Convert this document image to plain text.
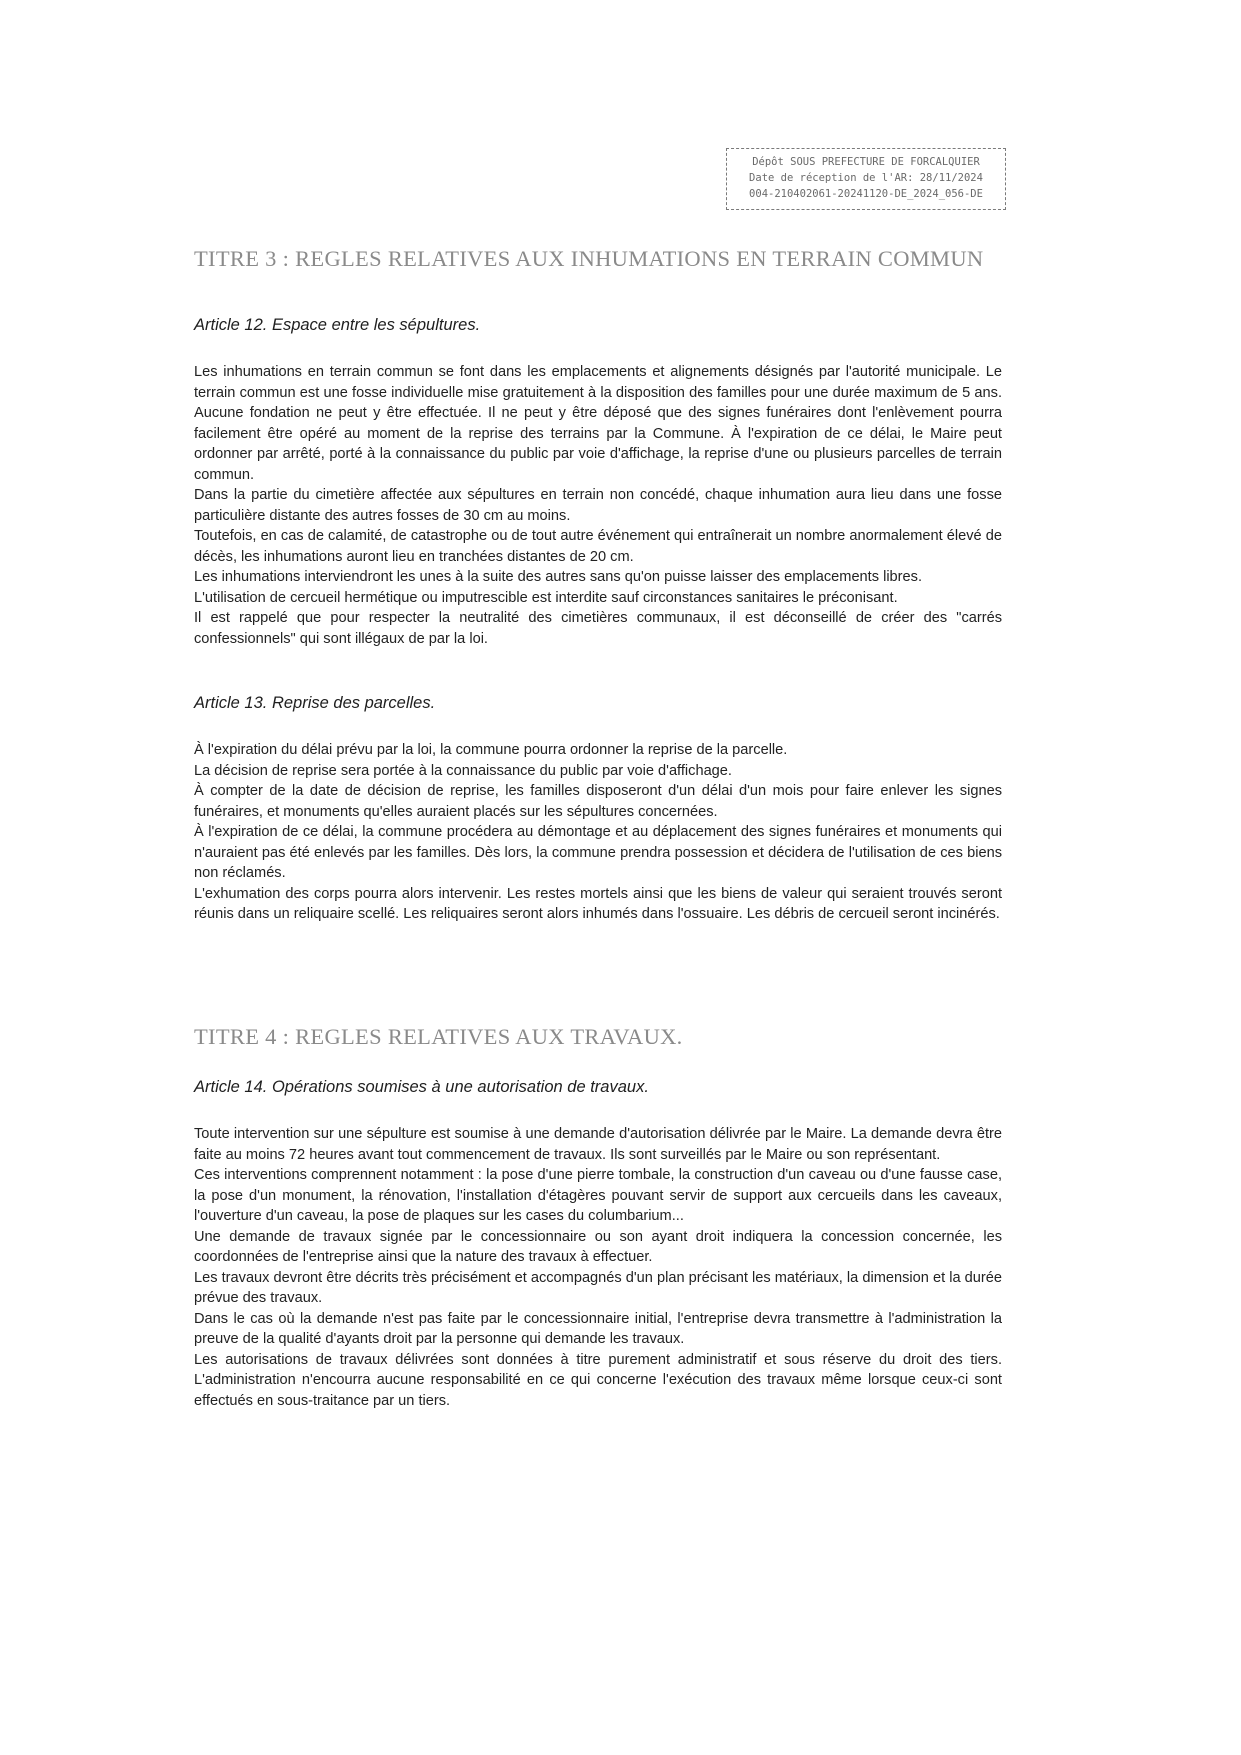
Dépôt SOUS PREFECTURE DE FORCALQUIER
Date de réception de l'AR: 28/11/2024
004-210402061-20241120-DE_2024_056-DE
TITRE 3 : REGLES RELATIVES AUX INHUMATIONS EN TERRAIN COMMUN
Article 12. Espace entre les sépultures.

Les inhumations en terrain commun se font dans les emplacements et alignements désignés par l'autorité municipale. Le terrain commun est une fosse individuelle mise gratuitement à la disposition des familles pour une durée maximum de 5 ans. Aucune fondation ne peut y être effectuée. Il ne peut y être déposé que des signes funéraires dont l'enlèvement pourra facilement être opéré au moment de la reprise des terrains par la Commune. À l'expiration de ce délai, le Maire peut ordonner par arrêté, porté à la connaissance du public par voie d'affichage, la reprise d'une ou plusieurs parcelles de terrain commun.

Dans la partie du cimetière affectée aux sépultures en terrain non concédé, chaque inhumation aura lieu dans une fosse particulière distante des autres fosses de 30 cm au moins.

Toutefois, en cas de calamité, de catastrophe ou de tout autre événement qui entraînerait un nombre anormalement élevé de décès, les inhumations auront lieu en tranchées distantes de 20 cm.

Les inhumations interviendront les unes à la suite des autres sans qu'on puisse laisser des emplacements libres.

L'utilisation de cercueil hermétique ou imputrescible est interdite sauf circonstances sanitaires le préconisant.

Il est rappelé que pour respecter la neutralité des cimetières communaux, il est déconseillé de créer des "carrés confessionnels" qui sont illégaux de par la loi.

Article 13. Reprise des parcelles.

À l'expiration du délai prévu par la loi, la commune pourra ordonner la reprise de la parcelle.

La décision de reprise sera portée à la connaissance du public par voie d'affichage.

À compter de la date de décision de reprise, les familles disposeront d'un délai d'un mois pour faire enlever les signes funéraires, et monuments qu'elles auraient placés sur les sépultures concernées.

À l'expiration de ce délai, la commune procédera au démontage et au déplacement des signes funéraires et monuments qui n'auraient pas été enlevés par les familles. Dès lors, la commune prendra possession et décidera de l'utilisation de ces biens non réclamés.

L'exhumation des corps pourra alors intervenir. Les restes mortels ainsi que les biens de valeur qui seraient trouvés seront réunis dans un reliquaire scellé. Les reliquaires seront alors inhumés dans l'ossuaire. Les débris de cercueil seront incinérés.

TITRE 4 : REGLES RELATIVES AUX TRAVAUX.
Article 14. Opérations soumises à une autorisation de travaux.

Toute intervention sur une sépulture est soumise à une demande d'autorisation délivrée par le Maire. La demande devra être faite au moins 72 heures avant tout commencement de travaux. Ils sont surveillés par le Maire ou son représentant.

Ces interventions comprennent notamment : la pose d'une pierre tombale, la construction d'un caveau ou d'une fausse case, la pose d'un monument, la rénovation, l'installation d'étagères pouvant servir de support aux cercueils dans les caveaux, l'ouverture d'un caveau, la pose de plaques sur les cases du columbarium...

Une demande de travaux signée par le concessionnaire ou son ayant droit indiquera la concession concernée, les coordonnées de l'entreprise ainsi que la nature des travaux à effectuer.

Les travaux devront être décrits très précisément et accompagnés d'un plan précisant les matériaux, la dimension et la durée prévue des travaux.

Dans le cas où la demande n'est pas faite par le concessionnaire initial, l'entreprise devra transmettre à l'administration la preuve de la qualité d'ayants droit par la personne qui demande les travaux.

Les autorisations de travaux délivrées sont données à titre purement administratif et sous réserve du droit des tiers. L'administration n'encourra aucune responsabilité en ce qui concerne l'exécution des travaux même lorsque ceux-ci sont effectués en sous-traitance par un tiers.
